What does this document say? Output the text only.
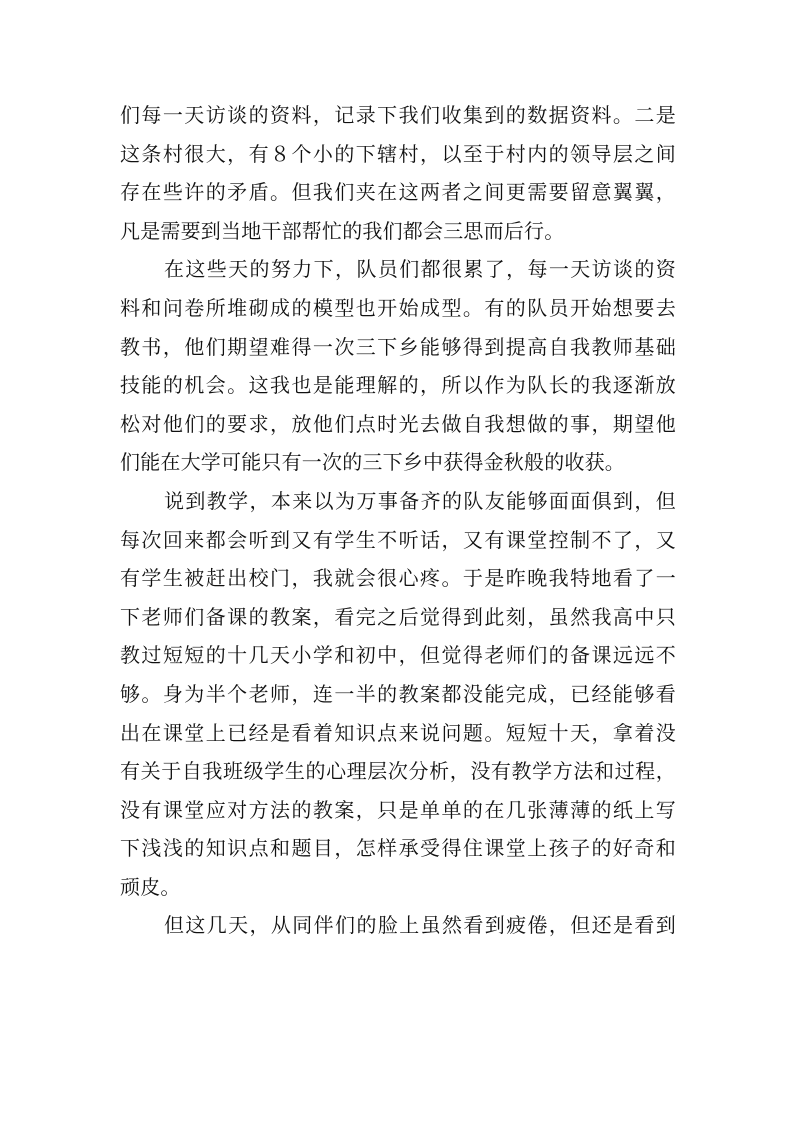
们每一天访谈的资料，记录下我们收集到的数据资料。二是
这条村很大，有８个小的下辖村，以至于村内的领导层之间
存在些许的矛盾。但我们夹在这两者之间更需要留意翼翼，
凡是需要到当地干部帮忙的我们都会三思而后行。
在这些天的努力下，队员们都很累了，每一天访谈的资
料和问卷所堆砌成的模型也开始成型。有的队员开始想要去
教书，他们期望难得一次三下乡能够得到提高自我教师基础
技能的机会。这我也是能理解的，所以作为队长的我逐渐放
松对他们的要求，放他们点时光去做自我想做的事，期望他
们能在大学可能只有一次的三下乡中获得金秋般的收获。
说到教学，本来以为万事备齐的队友能够面面俱到，但
每次回来都会听到又有学生不听话，又有课堂控制不了，又
有学生被赶出校门，我就会很心疼。于是昨晚我特地看了一
下老师们备课的教案，看完之后觉得到此刻，虽然我高中只
教过短短的十几天小学和初中，但觉得老师们的备课远远不
够。身为半个老师，连一半的教案都没能完成，已经能够看
出在课堂上已经是看着知识点来说问题。短短十天，拿着没
有关于自我班级学生的心理层次分析，没有教学方法和过程，
没有课堂应对方法的教案，只是单单的在几张薄薄的纸上写
下浅浅的知识点和题目，怎样承受得住课堂上孩子的好奇和
顽皮。
但这几天，从同伴们的脸上虽然看到疲倦，但还是看到
